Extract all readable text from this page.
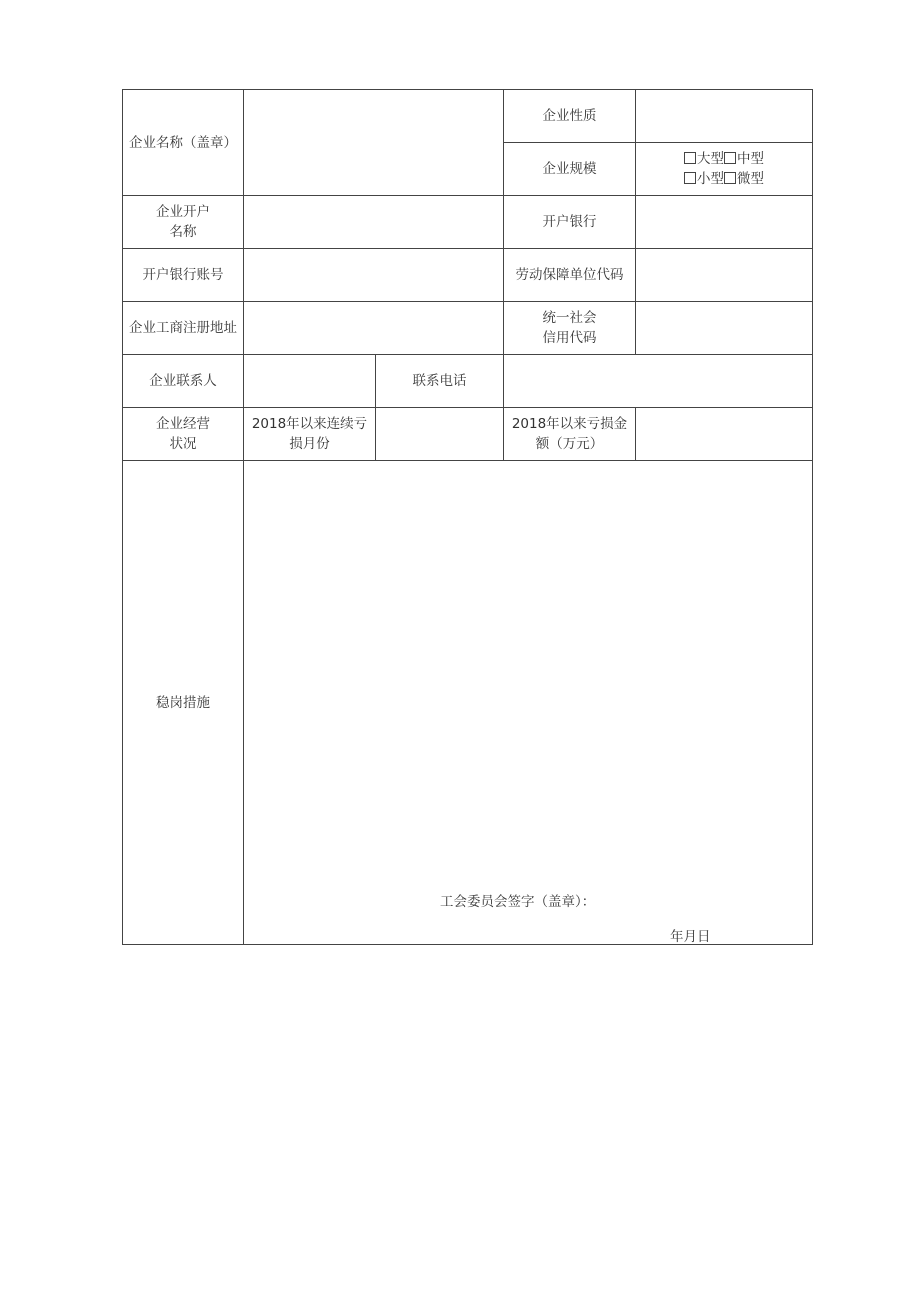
企业名称（盖章）			企业性质	
			企业规模	大型 中型
小型 微型

企业开户
名称			开户银行	
开户银行账号			劳动保障单位代码	
企业工商注册地址			统一社会
信用代码	

企业联系人		联系电话		

企业经营
状况	2018年以来连续亏损月份		2018年以来亏损金额（万元）	
稳岗措施	工会委员会签字（盖章）：
年月日			
